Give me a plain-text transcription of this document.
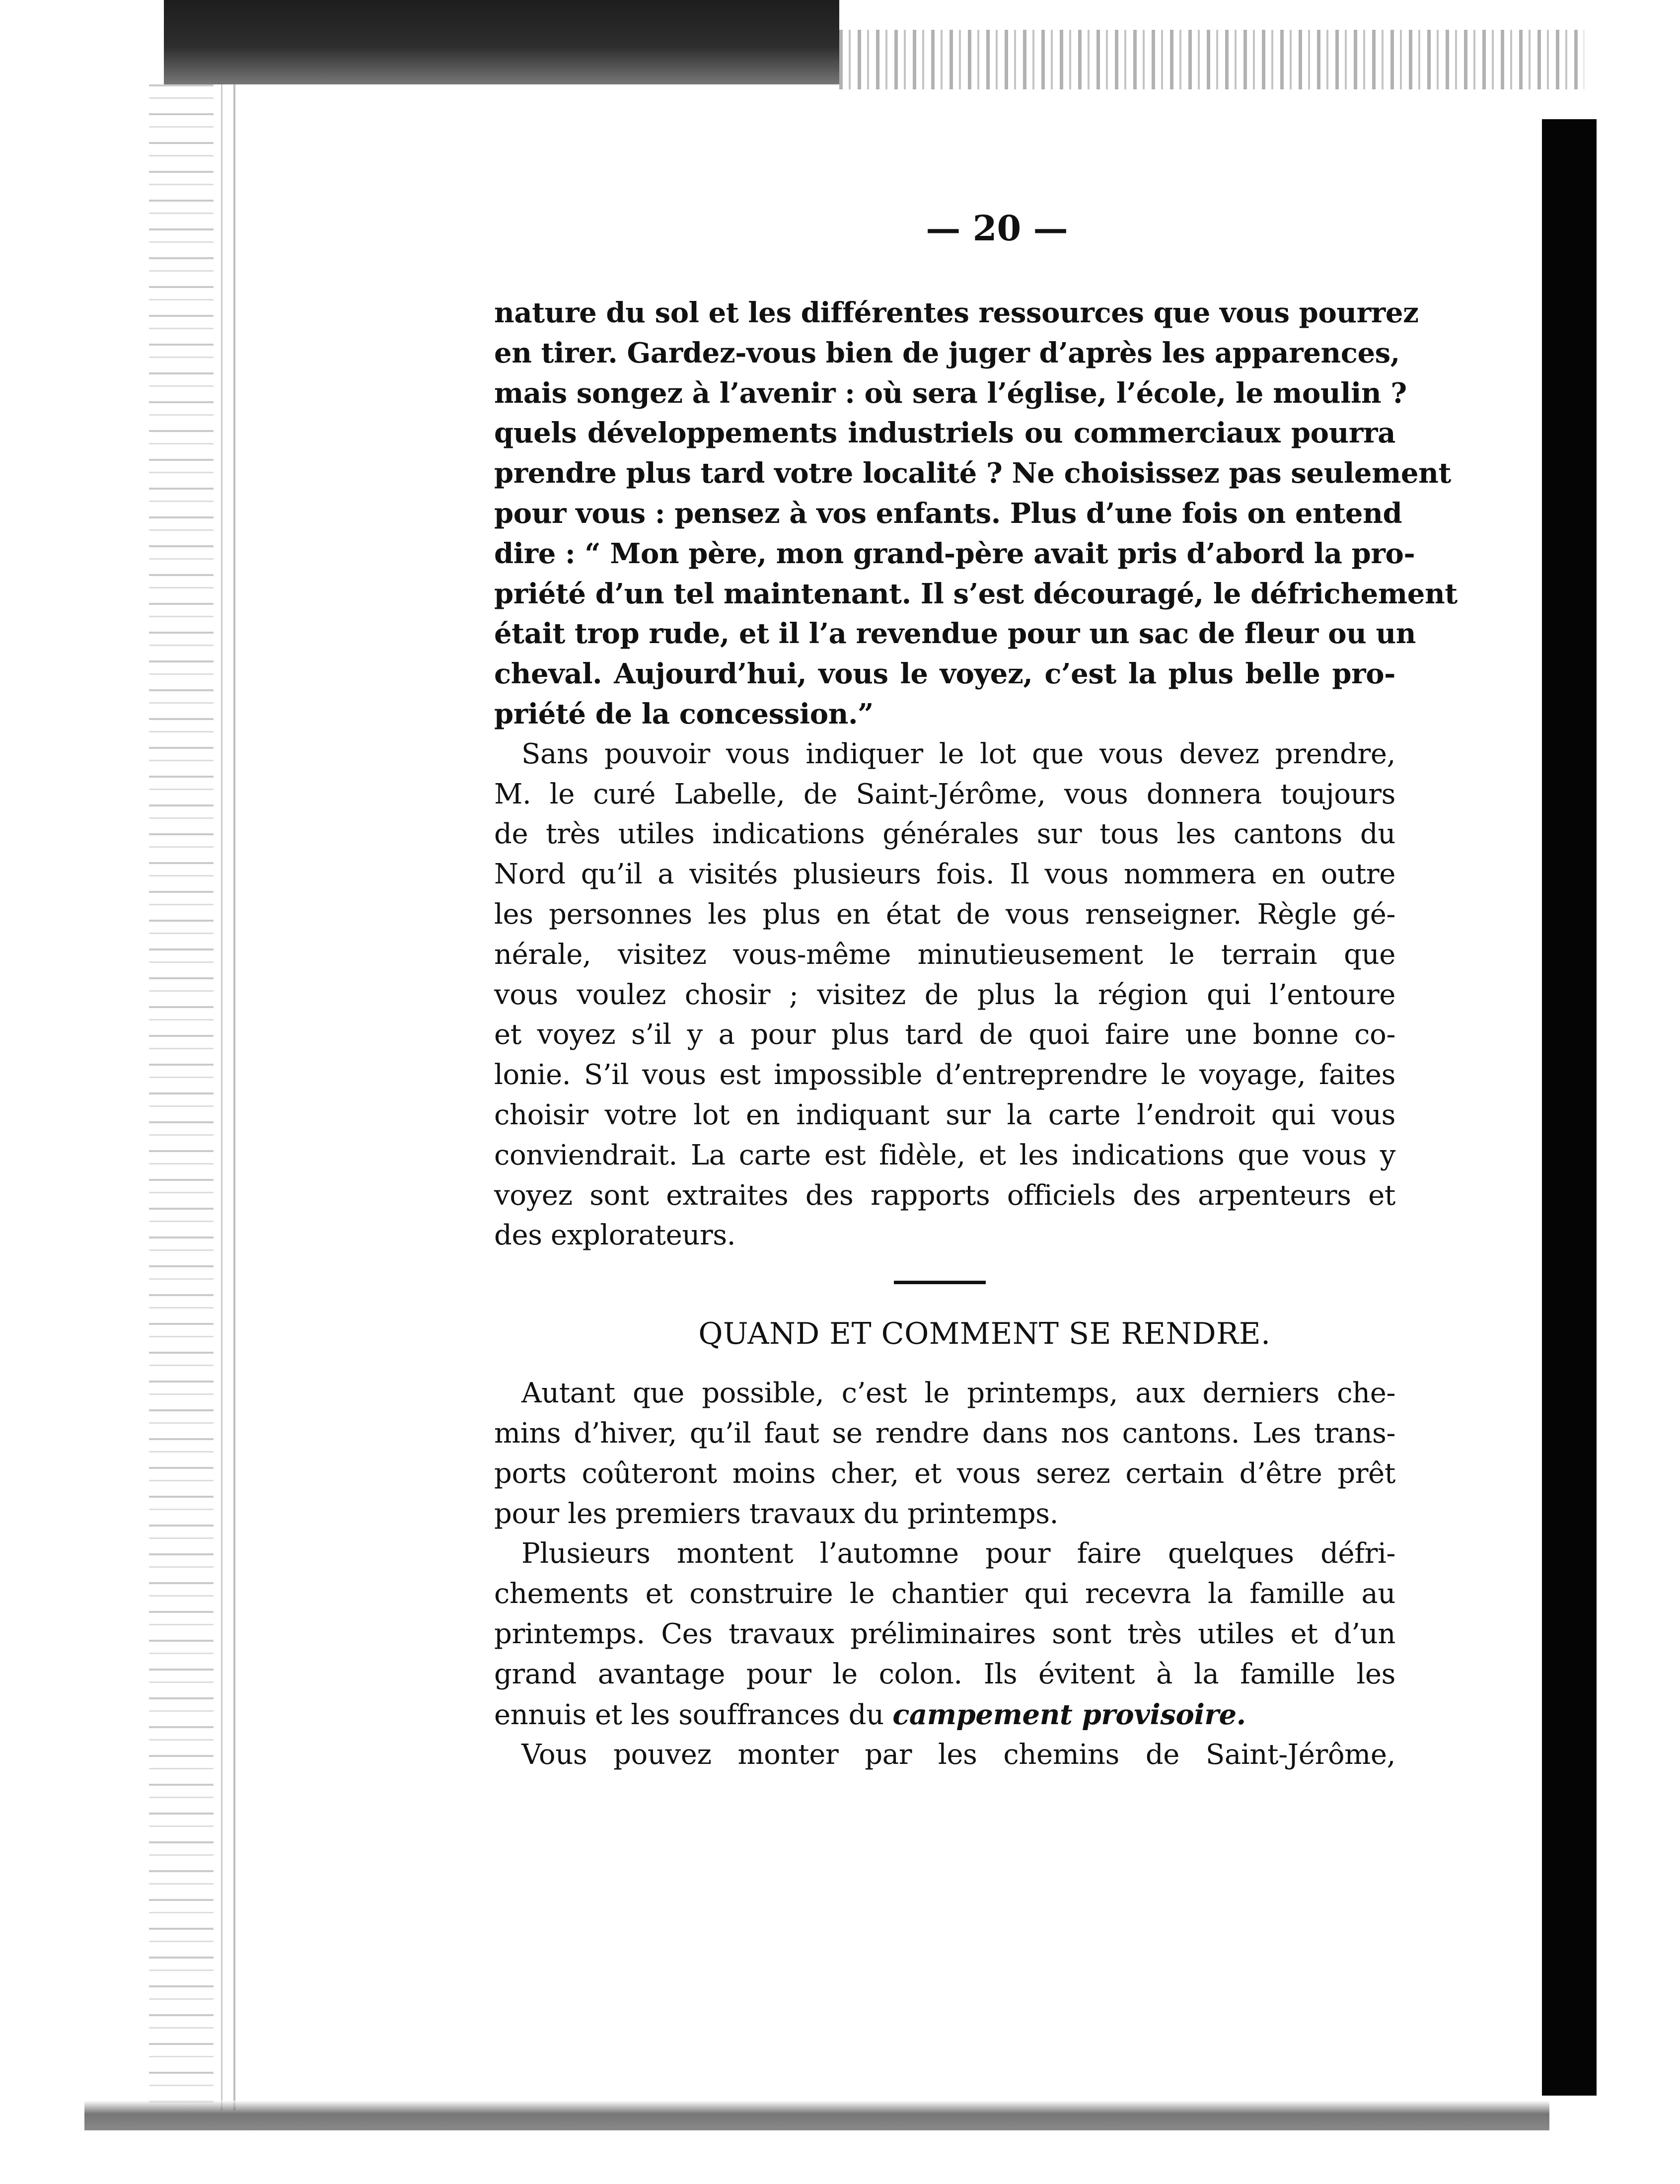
— 20 —
nature du sol et les différentes ressources que vous pourrez
en tirer. Gardez-vous bien de juger d’après les apparences,
mais songez à l’avenir : où sera l’église, l’école, le moulin ?
quels développements industriels ou commerciaux pourra
prendre plus tard votre localité ? Ne choisissez pas seulement
pour vous : pensez à vos enfants. Plus d’une fois on entend
dire : “ Mon père, mon grand-père avait pris d’abord la pro-
priété d’un tel maintenant. Il s’est découragé, le défrichement
était trop rude, et il l’a revendue pour un sac de fleur ou un
cheval. Aujourd’hui, vous le voyez, c’est la plus belle pro-
priété de la concession.”
Sans pouvoir vous indiquer le lot que vous devez prendre,
M. le curé Labelle, de Saint-Jérôme, vous donnera toujours
de très utiles indications générales sur tous les cantons du
Nord qu’il a visités plusieurs fois. Il vous nommera en outre
les personnes les plus en état de vous renseigner. Règle gé-
nérale, visitez vous-même minutieusement le terrain que
vous voulez chosir ; visitez de plus la région qui l’entoure
et voyez s’il y a pour plus tard de quoi faire une bonne co-
lonie. S’il vous est impossible d’entreprendre le voyage, faites
choisir votre lot en indiquant sur la carte l’endroit qui vous
conviendrait. La carte est fidèle, et les indications que vous y
voyez sont extraites des rapports officiels des arpenteurs et
des explorateurs.
QUAND ET COMMENT SE RENDRE.
Autant que possible, c’est le printemps, aux derniers che-
mins d’hiver, qu’il faut se rendre dans nos cantons. Les trans-
ports coûteront moins cher, et vous serez certain d’être prêt
pour les premiers travaux du printemps.
Plusieurs montent l’automne pour faire quelques défri-
chements et construire le chantier qui recevra la famille au
printemps. Ces travaux préliminaires sont très utiles et d’un
grand avantage pour le colon. Ils évitent à la famille les
ennuis et les souffrances du campement provisoire.
Vous pouvez monter par les chemins de Saint-Jérôme,
